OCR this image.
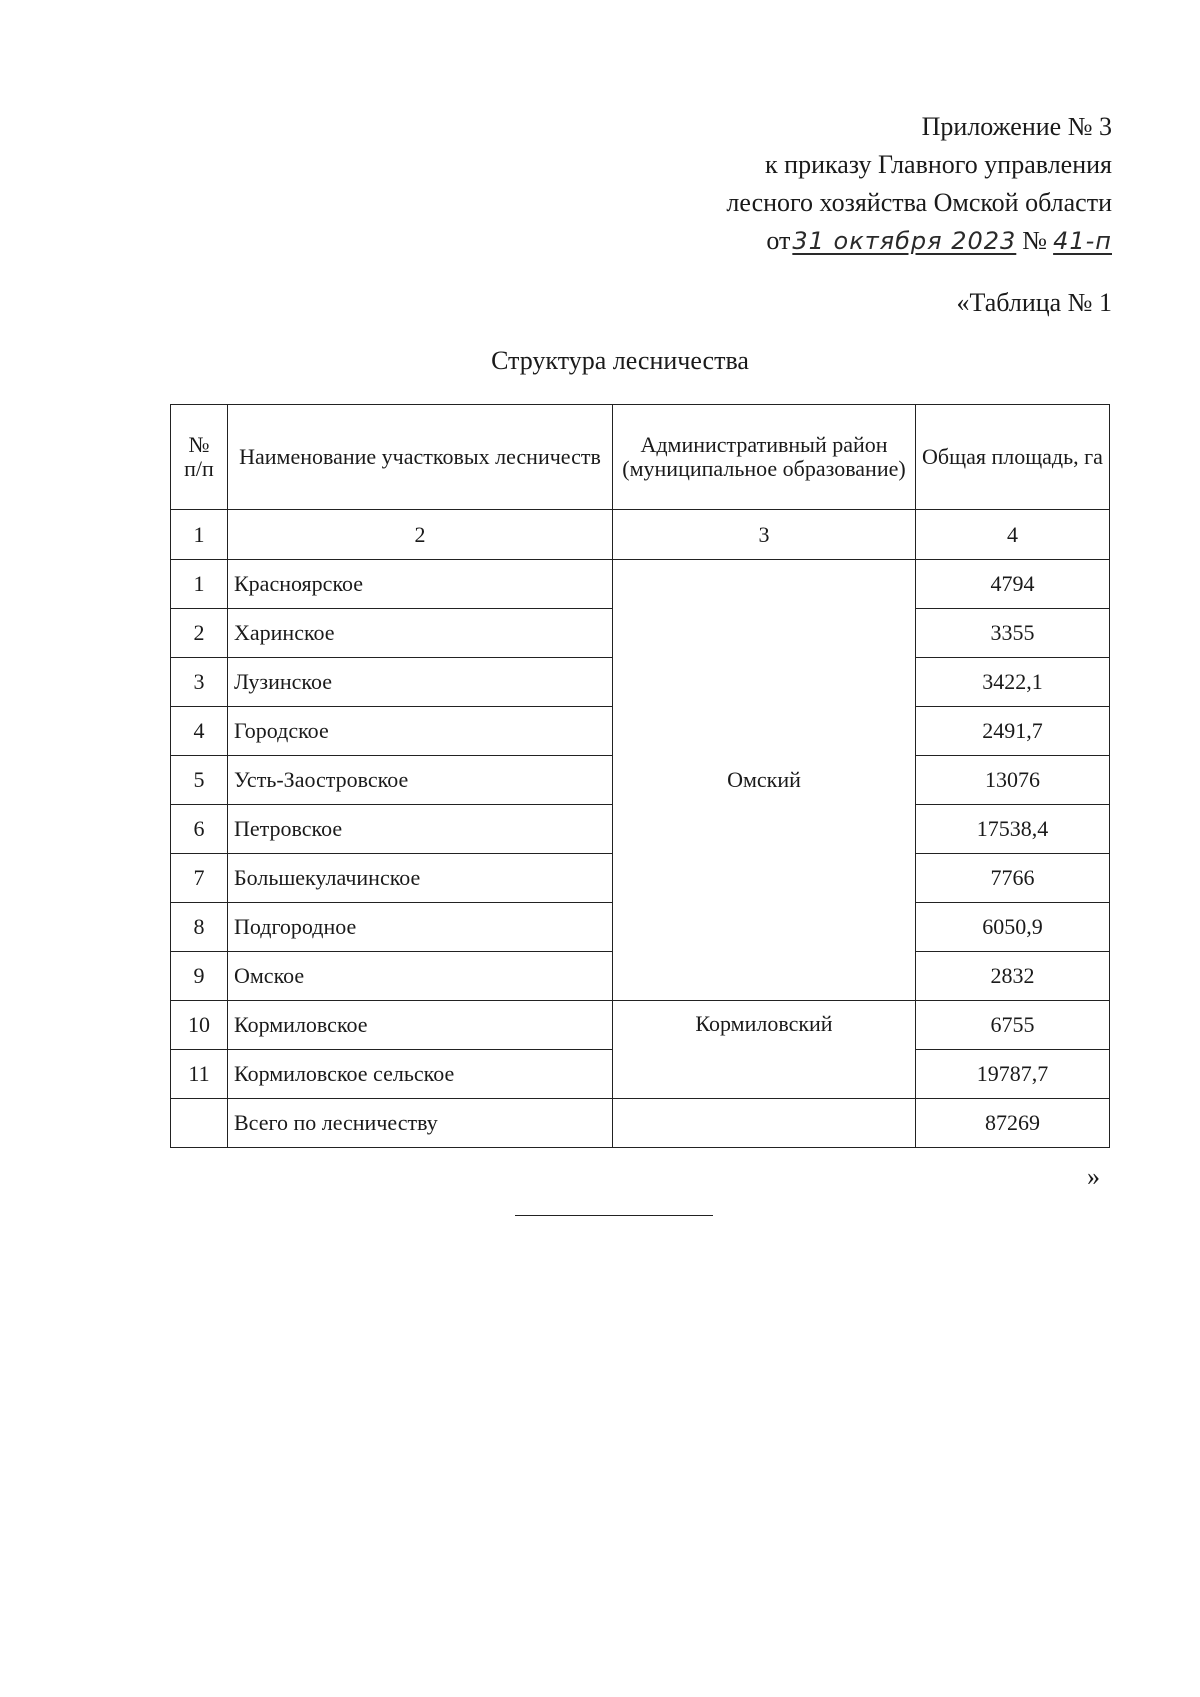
Приложение № 3
к приказу Главного управления
лесного хозяйства Омской области
от31 октября 2023 № 41-п
«Таблица № 1
Структура лесничества
№ п/п	Наименование участковых лесничеств	Административный район (муниципальное образование)	Общая площадь, га
1	2	3	4
1	Красноярское	Омский	4794
2	Харинское		3355
3	Лузинское		3422,1
4	Городское		2491,7
5	Усть-Заостровское		13076
6	Петровское		17538,4
7	Большекулачинское		7766
8	Подгородное		6050,9
9	Омское		2832
10	Кормиловское	Кормиловский	6755
11	Кормиловское сельское		19787,7
	Всего по лесничеству		87269
»
